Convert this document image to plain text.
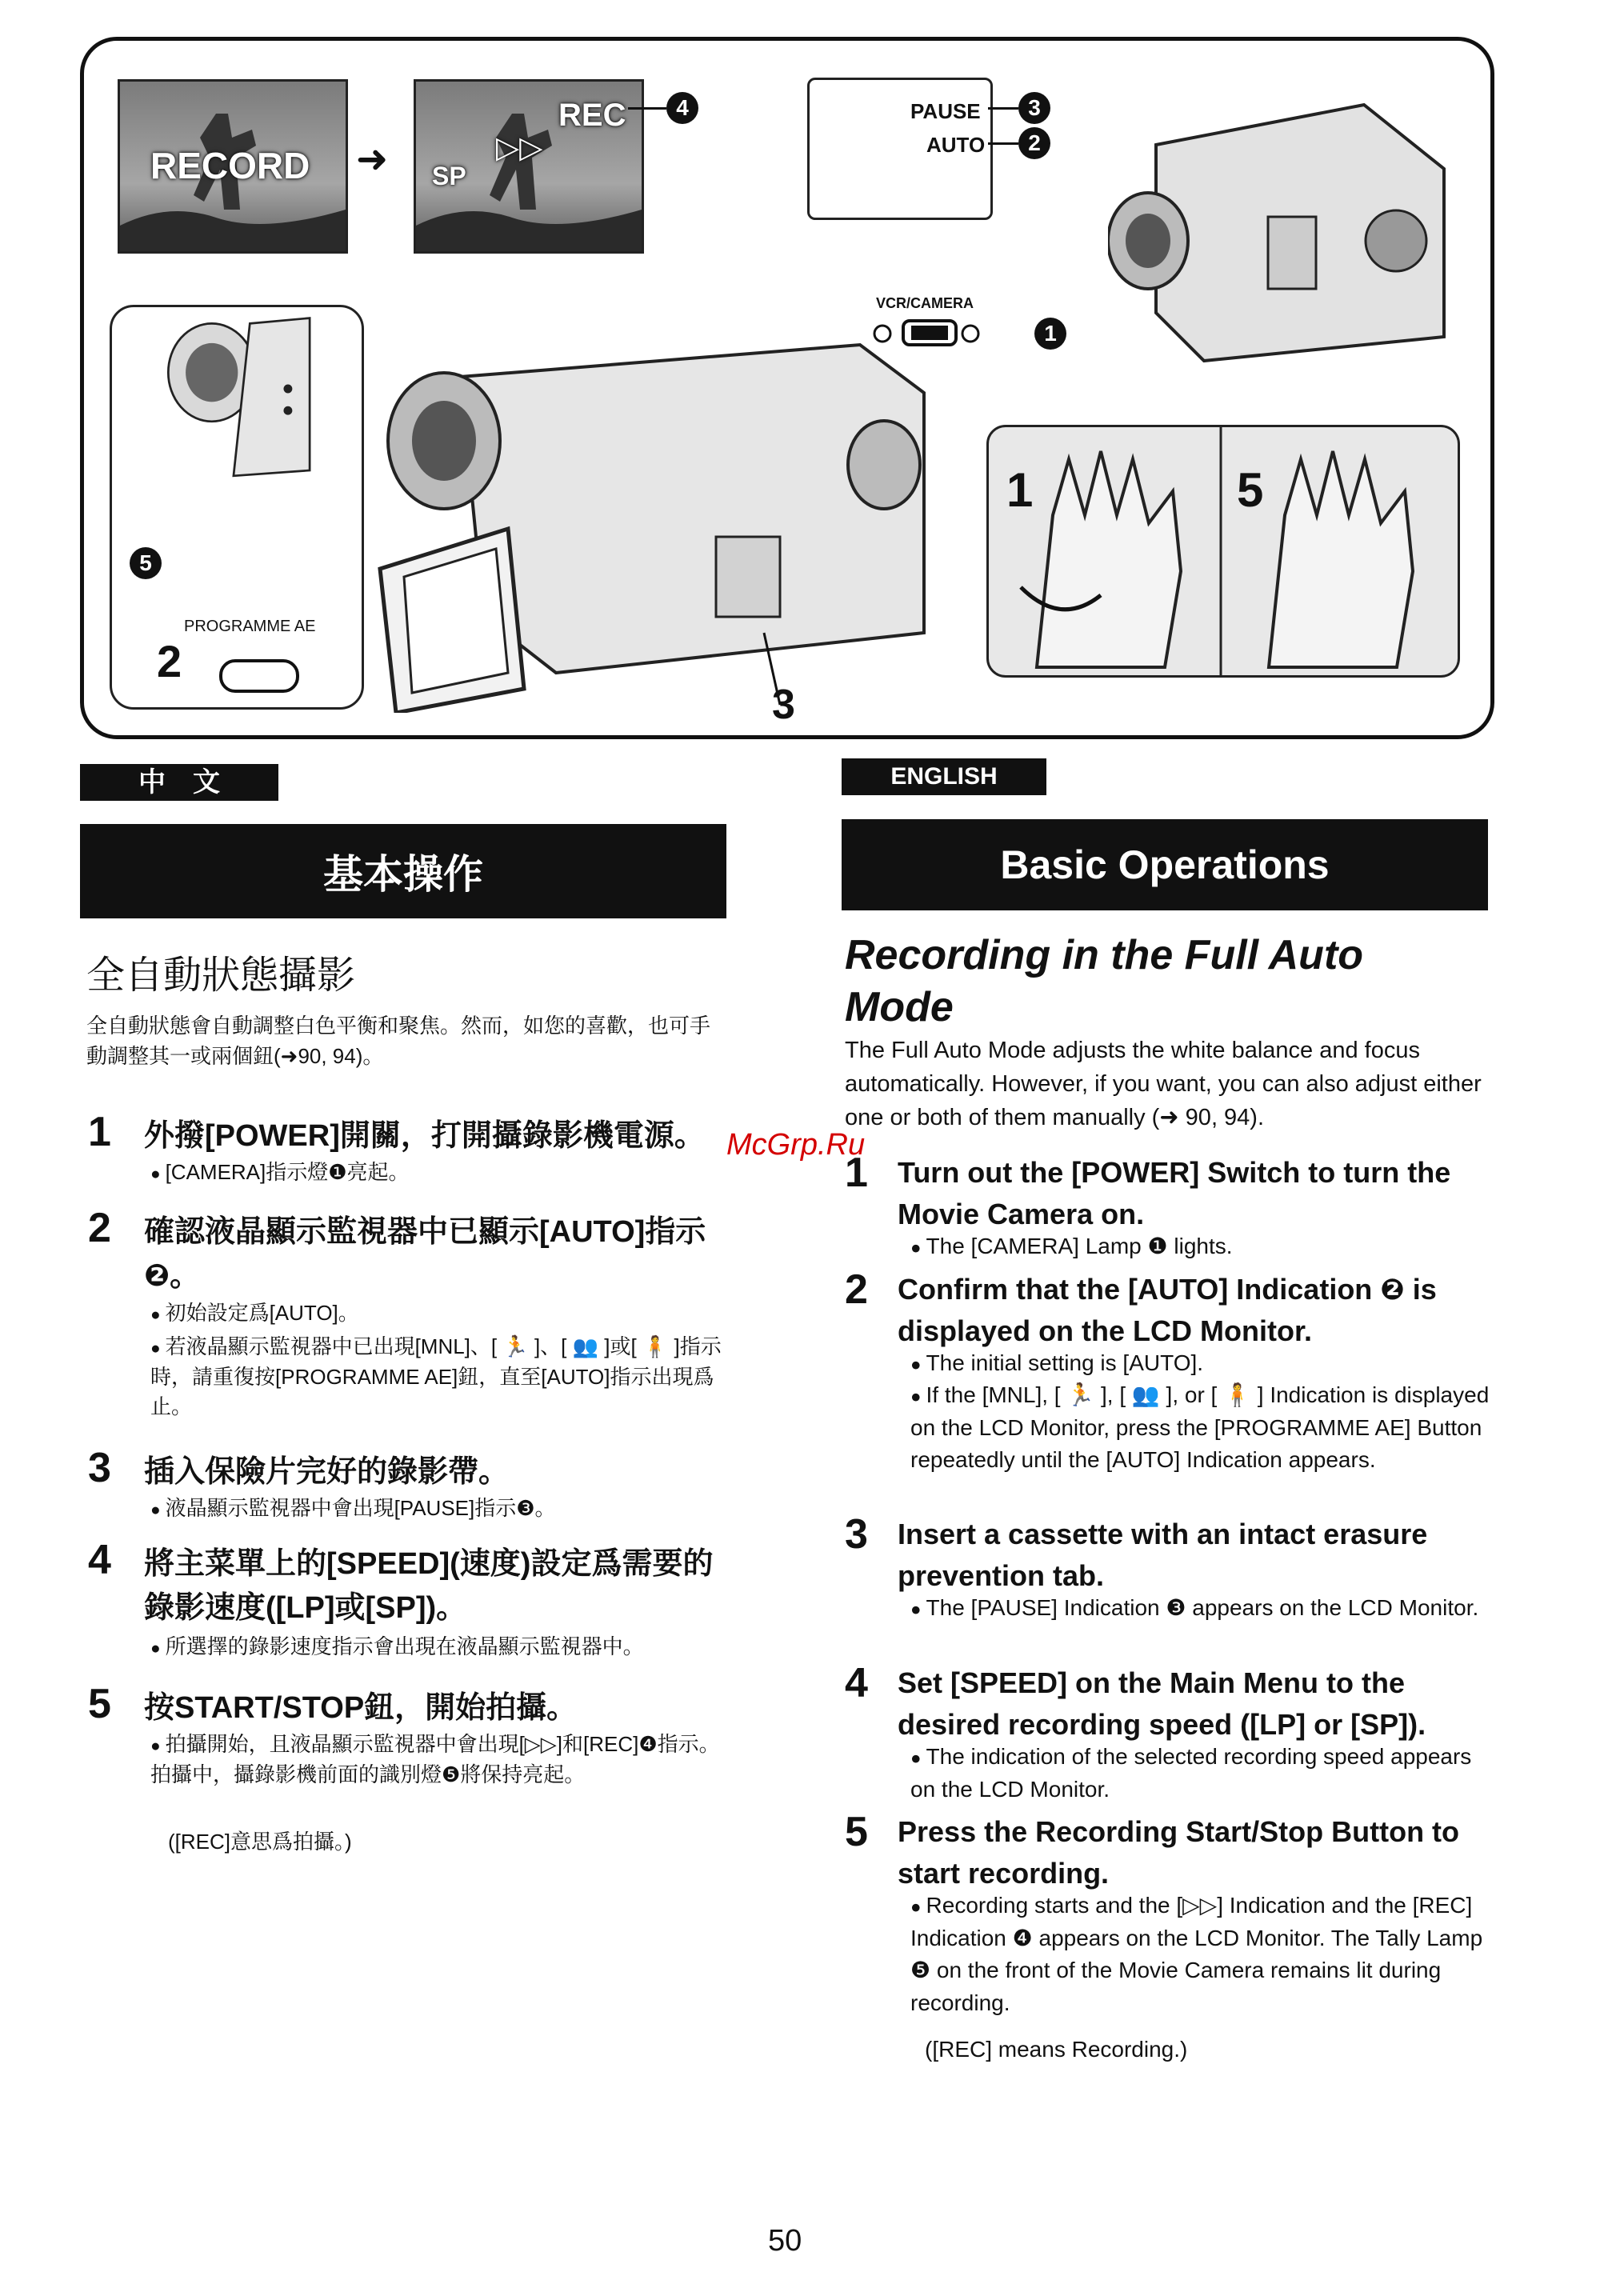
RECORD ➜
REC
▷▷
SP
4	PAUSE
AUTO
3
2
VCR/CAMERA
1
5
PROGRAMME AE
2
3
1	5
中　文
基本操作
全自動狀態攝影
全自動狀態會自動調整白色平衡和聚焦。然而，如您的喜歡，也可手動調整其一或兩個鈕(➜90, 94)。
1 外撥[POWER]開關，打開攝錄影機電源。
● [CAMERA]指示燈❶亮起。
2 確認液晶顯示監視器中已顯示[AUTO]指示❷。
● 初始設定爲[AUTO]。
● 若液晶顯示監視器中已出現[MNL]、[ 🏃 ]、[ 👥 ]或[ 🧍 ]指示時，請重復按[PROGRAMME AE]鈕，直至[AUTO]指示出現爲止。
3 插入保險片完好的錄影帶。
● 液晶顯示監視器中會出現[PAUSE]指示❸。
4 將主菜單上的[SPEED](速度)設定爲需要的錄影速度([LP]或[SP])。
● 所選擇的錄影速度指示會出現在液晶顯示監視器中。
5 按START/STOP鈕，開始拍攝。
● 拍攝開始，且液晶顯示監視器中會出現[▷▷]和[REC]❹指示。拍攝中，攝錄影機前面的識別燈❺將保持亮起。
([REC]意思爲拍攝。)
ENGLISH
Basic Operations
Recording in the Full Auto Mode
The Full Auto Mode adjusts the white balance and focus automatically. However, if you want, you can also adjust either one or both of them manually (➜ 90, 94).
1 Turn out the [POWER] Switch to turn the Movie Camera on.
● The [CAMERA] Lamp ❶ lights.
2 Confirm that the [AUTO] Indication ❷ is displayed on the LCD Monitor.
● The initial setting is [AUTO].
● If the [MNL], [ 🏃 ], [ 👥 ], or [ 🧍 ] Indication is displayed on the LCD Monitor, press the [PROGRAMME AE] Button repeatedly until the [AUTO] Indication appears.
3 Insert a cassette with an intact erasure prevention tab.
● The [PAUSE] Indication ❸ appears on the LCD Monitor.
4 Set [SPEED] on the Main Menu to the desired recording speed ([LP] or [SP]).
● The indication of the selected recording speed appears on the LCD Monitor.
5 Press the Recording Start/Stop Button to start recording.
● Recording starts and the [▷▷] Indication and the [REC] Indication ❹ appears on the LCD Monitor. The Tally Lamp ❺ on the front of the Movie Camera remains lit during recording.
([REC] means Recording.)
McGrp.Ru
50
